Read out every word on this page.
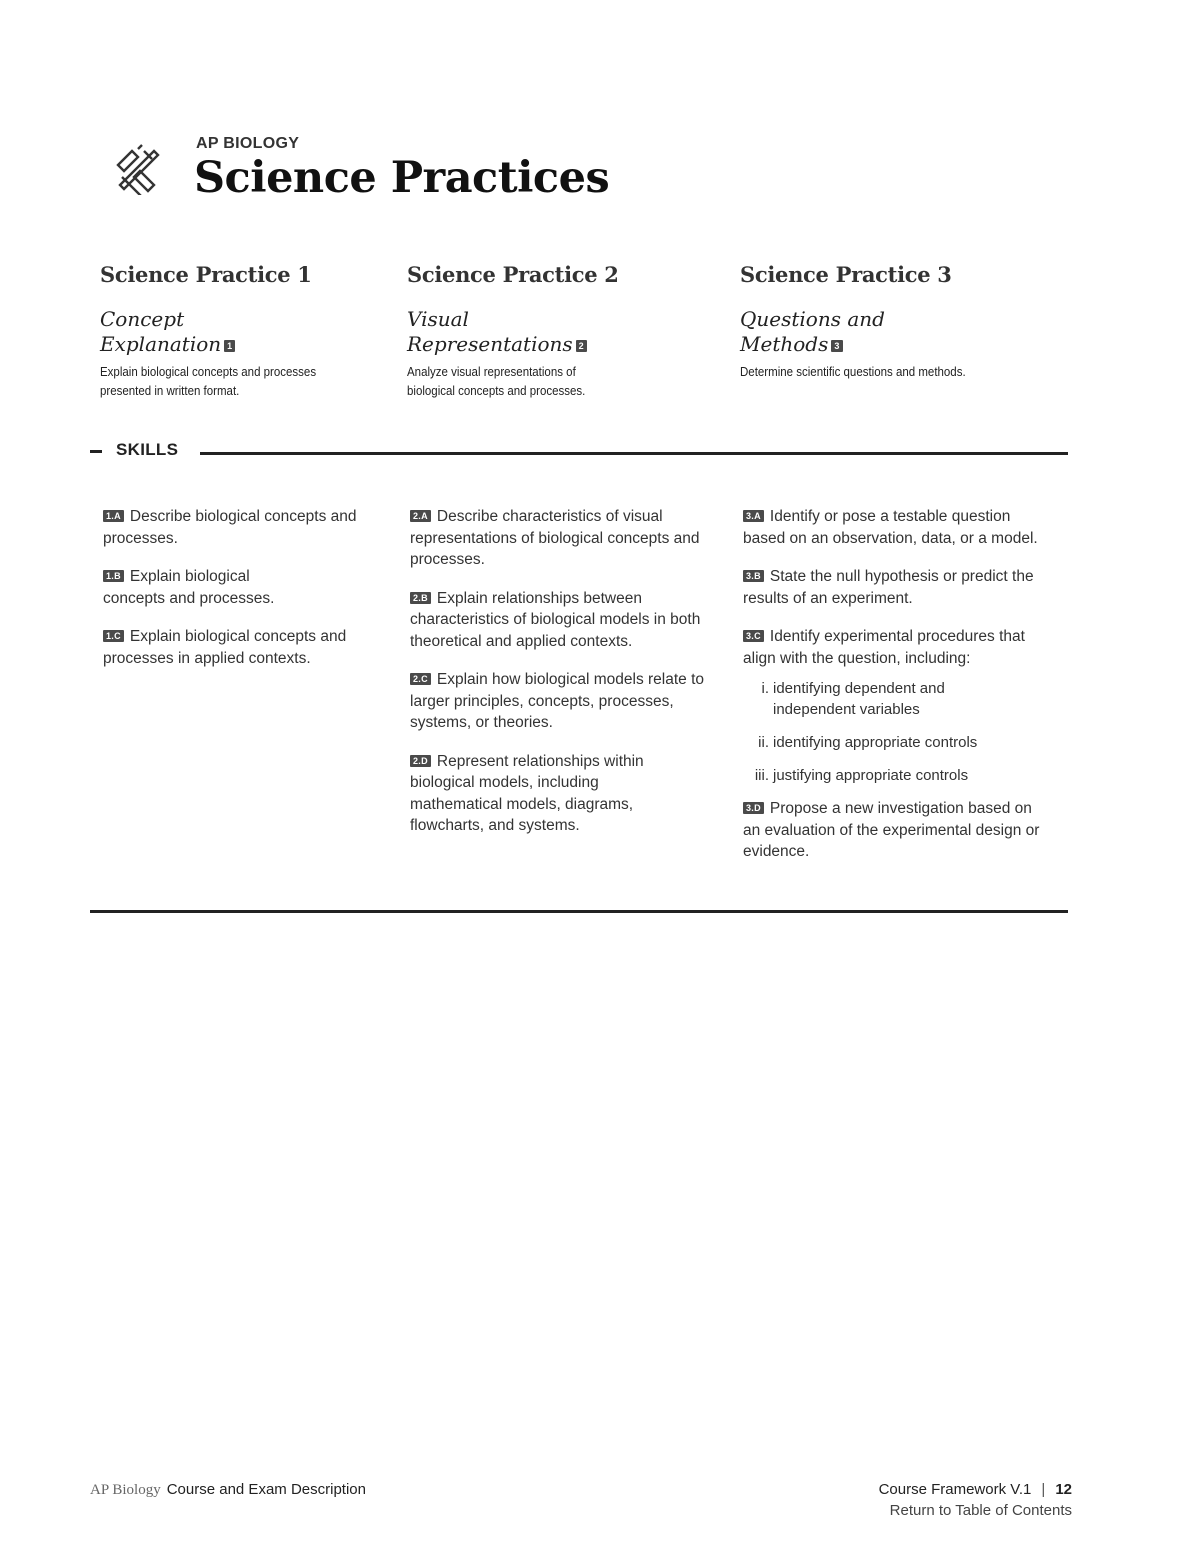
AP BIOLOGY
Science Practices
Science Practice 1
Concept
Explanation 1
Explain biological concepts and processes presented in written format.
Science Practice 2
Visual
Representations 2
Analyze visual representations of biological concepts and processes.
Science Practice 3
Questions and
Methods 3
Determine scientific questions and methods.
SKILLS
1.A Describe biological concepts and processes.
1.B Explain biological concepts and processes.
1.C Explain biological concepts and processes in applied contexts.
2.A Describe characteristics of visual representations of biological concepts and processes.
2.B Explain relationships between characteristics of biological models in both theoretical and applied contexts.
2.C Explain how biological models relate to larger principles, concepts, processes, systems, or theories.
2.D Represent relationships within biological models, including mathematical models, diagrams, flowcharts, and systems.
3.A Identify or pose a testable question based on an observation, data, or a model.
3.B State the null hypothesis or predict the results of an experiment.
3.C Identify experimental procedures that align with the question, including:
i. identifying dependent and independent variables
ii. identifying appropriate controls
iii. justifying appropriate controls
3.D Propose a new investigation based on an evaluation of the experimental design or evidence.
AP Biology Course and Exam Description	Course Framework V.1 | 12
Return to Table of Contents
